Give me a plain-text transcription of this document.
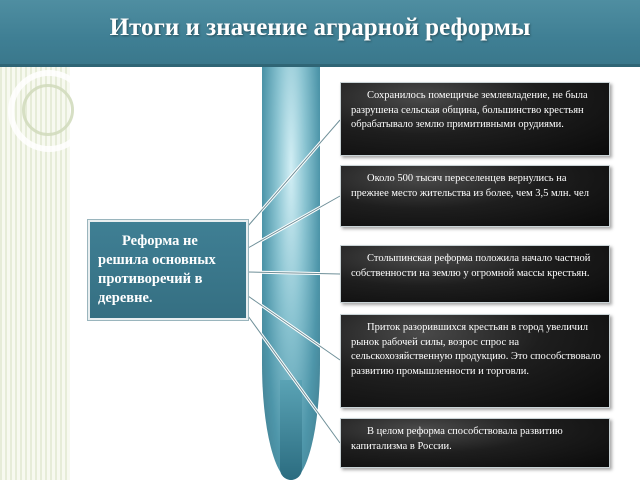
Итоги и значение аграрной реформы
Реформа не решила основных противоречий в деревне.
Сохранилось помещичье землевладение, не была разрушена сельская община, большинство крестьян обрабатывало землю примитивными орудиями.
Около 500 тысяч переселенцев вернулись на прежнее место жительства из более, чем 3,5 млн. чел
Столыпинская реформа положила начало частной собственности на землю у огромной массы крестьян.
Приток разорившихся крестьян в город увеличил рынок рабочей силы, возрос спрос на сельскохозяйственную продукцию. Это способствовало развитию промышленности и торговли.
В целом реформа способствовала развитию капитализма в России.
